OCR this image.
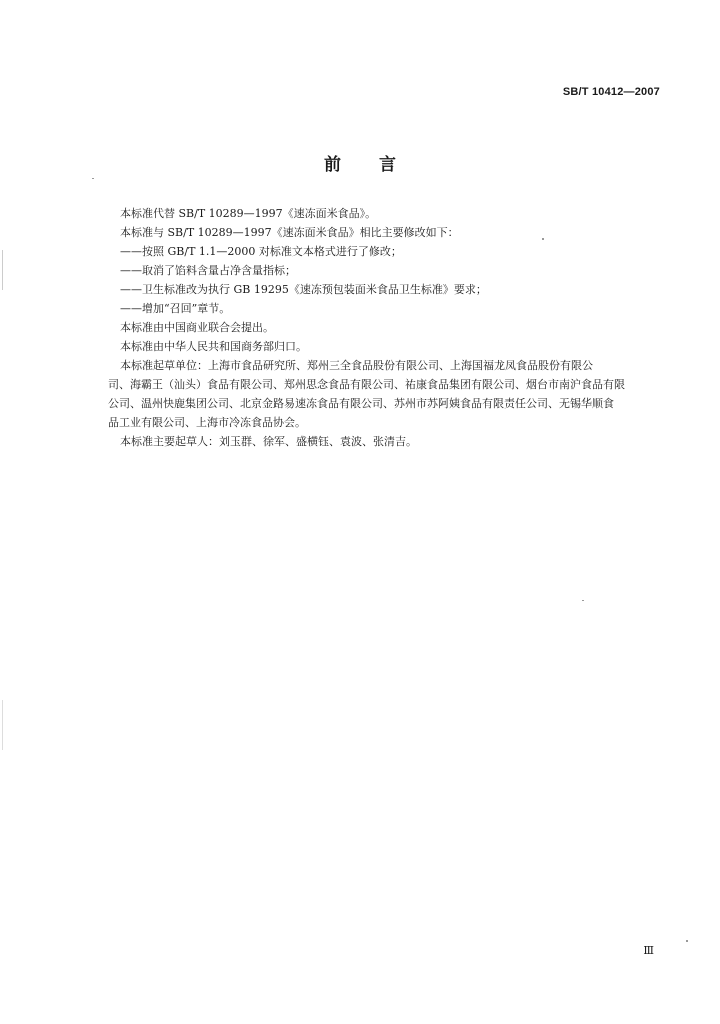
SB/T 10412—2007
前言

本标准代替 SB/T 10289—1997《速冻面米食品》。

本标准与 SB/T 10289—1997《速冻面米食品》相比主要修改如下：

——按照 GB/T 1.1—2000 对标准文本格式进行了修改；

——取消了馅料含量占净含量指标；

——卫生标准改为执行 GB 19295《速冻预包装面米食品卫生标准》要求；

——增加“召回”章节。

本标准由中国商业联合会提出。

本标准由中华人民共和国商务部归口。

本标准起草单位：上海市食品研究所、郑州三全食品股份有限公司、上海国福龙凤食品股份有限公

司、海霸王（汕头）食品有限公司、郑州思念食品有限公司、祐康食品集团有限公司、烟台市南沪食品有限

公司、温州快鹿集团公司、北京金路易速冻食品有限公司、苏州市苏阿姨食品有限责任公司、无锡华顺食

品工业有限公司、上海市冷冻食品协会。

本标准主要起草人：刘玉群、徐军、盛横钰、袁波、张清吉。

Ⅲ
